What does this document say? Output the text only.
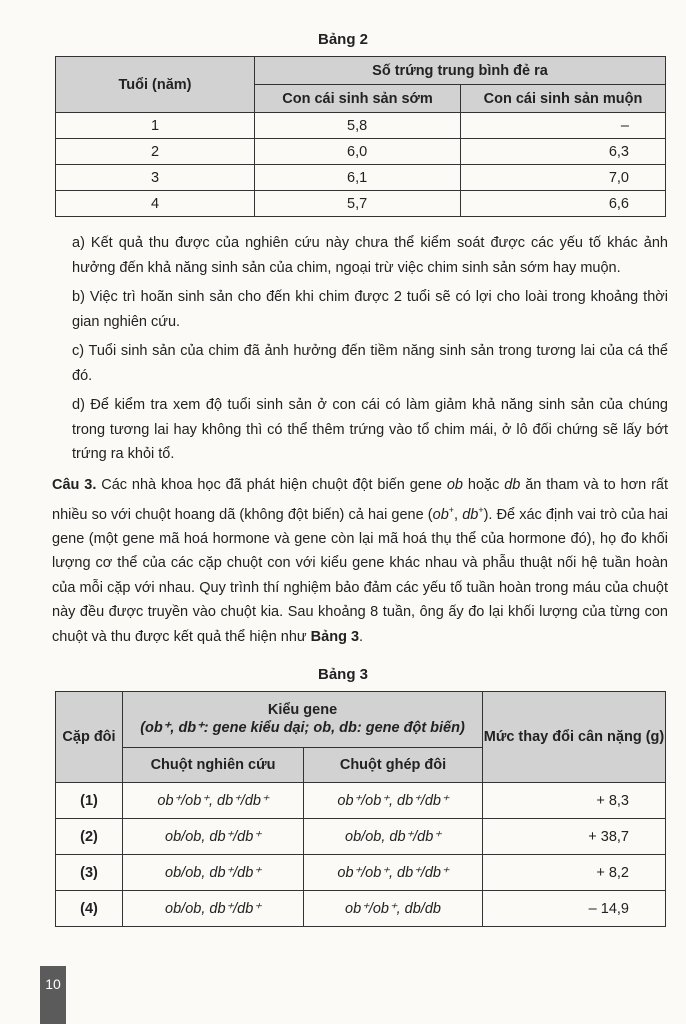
Bảng 2
Tuổi (năm)	Số trứng trung bình đẻ ra	
	Con cái sinh sản sớm	Con cái sinh sản muộn
1	5,8	–
2	6,0	6,3
3	6,1	7,0
4	5,7	6,6
a) Kết quả thu được của nghiên cứu này chưa thể kiểm soát được các yếu tố khác ảnh hưởng đến khả năng sinh sản của chim, ngoại trừ việc chim sinh sản sớm hay muộn.
b) Việc trì hoãn sinh sản cho đến khi chim được 2 tuổi sẽ có lợi cho loài trong khoảng thời gian nghiên cứu.
c) Tuổi sinh sản của chim đã ảnh hưởng đến tiềm năng sinh sản trong tương lai của cá thể đó.
d) Để kiểm tra xem độ tuổi sinh sản ở con cái có làm giảm khả năng sinh sản của chúng trong tương lai hay không thì có thể thêm trứng vào tổ chim mái, ở lô đối chứng sẽ lấy bớt trứng ra khỏi tổ.
Câu 3. Các nhà khoa học đã phát hiện chuột đột biến gene ob hoặc db ăn tham và to hơn rất nhiều so với chuột hoang dã (không đột biến) cả hai gene (ob+, db+). Để xác định vai trò của hai gene (một gene mã hoá hormone và gene còn lại mã hoá thụ thể của hormone đó), họ đo khối lượng cơ thể của các cặp chuột con với kiểu gene khác nhau và phẫu thuật nối hệ tuần hoàn của mỗi cặp với nhau. Quy trình thí nghiệm bảo đảm các yếu tố tuần hoàn trong máu của chuột này đều được truyền vào chuột kia. Sau khoảng 8 tuần, ông ấy đo lại khối lượng của từng con chuột và thu được kết quả thể hiện như Bảng 3.
Bảng 3
Cặp đôi	Kiểu gene
(ob⁺, db⁺: gene kiểu dại; ob, db: gene đột biến)		Mức thay đổi cân nặng (g)
	Chuột nghiên cứu	Chuột ghép đôi	
(1)	ob⁺/ob⁺, db⁺/db⁺	ob⁺/ob⁺, db⁺/db⁺	+ 8,3
(2)	ob/ob, db⁺/db⁺	ob/ob, db⁺/db⁺	+ 38,7
(3)	ob/ob, db⁺/db⁺	ob⁺/ob⁺, db⁺/db⁺	+ 8,2
(4)	ob/ob, db⁺/db⁺	ob⁺/ob⁺, db/db	– 14,9
10
